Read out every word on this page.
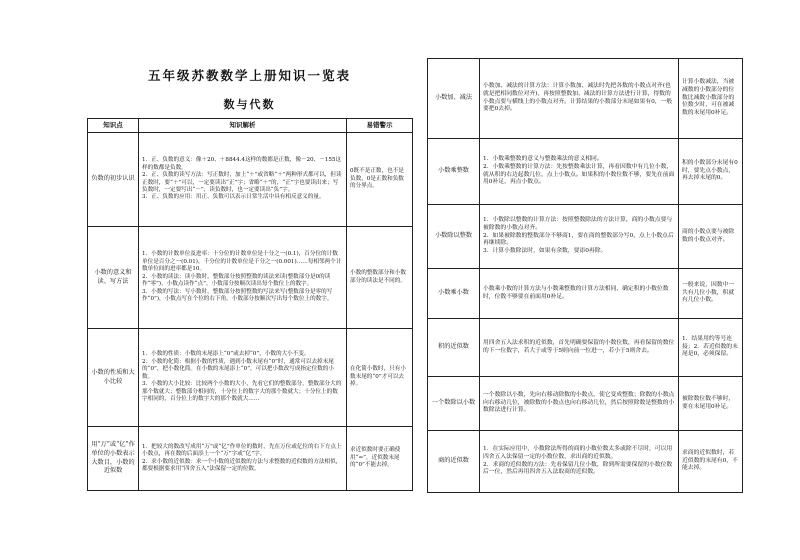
五年级苏教数学上册知识一览表
数与代数
知识点	知识解析	易错警示
负数的初步认识	1．正、负数的意义：像＋20、＋8844.4这样的数都是正数，像－20、－155这样的数都是负数。
2．正、负数的读写方法：写正数时，加上“＋”或省略“＋”两种形式都可以，但读正数时，要“＋”可以，一定要读出“正”字；省略“＋”的，“正”字也要读出来；写负数时，一定要写出“－”，读负数时，也一定要读出“负”字。
3．正、负数的应用：用正、负数可以表示日常生活中具有相反意义的量。	0既不是正数，也不是负数，0是正数和负数的分界点。
小数的意义和读、写方法	1．小数的计数单位及进率：十分位的计数单位是十分之一(0.1)，百分位的计数单位是百分之一(0.01)，千分位的计数单位是千分之一(0.001)……每相邻两个计数单位间的进率都是10。
2．小数的读法：读小数时，整数部分按照整数的读法来读(整数部分是0的读作“零”)，小数点读作“点”，小数部分按顺次读出每个数位上的数字。
3．小数的写法：写小数时，整数部分按照整数的写法来写(整数部分是零的写作“0”)，小数点写在个位的右下角，小数部分按顺次写出每个数位上的数字。	小数的整数部分和小数部分的读法是不同的。
小数的性质和大小比较	1．小数的性质：小数的末尾添上“0”或去掉“0”，小数的大小不变。
2．小数的化简：根据小数的性质，遇到小数末尾有“0”时，通常可以去掉末尾的“0”，把小数化简。在小数的末尾添上“0”，可以把小数改写成指定位数的小数。
3．小数的大小比较：比较两个小数的大小，先看它们的整数部分，整数部分大的那个数就大；整数部分相同的，十分位上的数字大的那个数就大；十分位上的数字相同的，百分位上的数字大的那个数就大……	在化简小数时，只有小数末尾的“0”才可以去掉。
用“万”或“亿”作单位的小数表示大数目，小数的近似数	1．把较大的数改写成用“万”或“亿”作单位的数时，先在万位或亿位的右下方点上小数点，再在数的后面添上一个“万”字或“亿”字。
2．求小数的近似数：求一个小数的近似数的方法与求整数的近似数的方法相似，都要根据要求用“四舍五入”法保留一定的位数。	求近似数时要正确使用“≈”，近似数末尾的“0”不能去掉。
小数加、减法	小数加、减法的计算方法：计算小数加、减法时先把各数的小数点对齐(也就是把相同数位对齐)，再按照整数加、减法的计算方法进行计算，得数的小数点要与横线上的小数点对齐。计算结果的小数部分末尾如果有0，一般要把0去掉。	计算小数减法，当被减数的小数部分的位数比减数小数部分的位数少时，可在被减数的末尾用0补足。
小数乘整数	1．小数乘整数的意义与整数乘法的意义相同。
2．小数乘整数的计算方法：先按整数乘法计算，再看因数中有几位小数，就从积的右边起数几位，点上小数点。如果积的小数位数不够，要先在前面用0补足，再点小数点。	积的小数部分末尾有0时，要先点小数点，再去掉末尾的0。
小数除以整数	1．小数除以整数的计算方法：按照整数除法的方法计算，商的小数点要与被除数的小数点对齐。
2．如果被除数的整数部分不够商1，要在商的整数部分写0，点上小数点后再继续除。
3．计算小数除法时，如果有余数，要添0再除。	商的小数点要与被除数的小数点对齐。
小数乘小数	小数乘小数的计算方法与小数乘整数的计算方法相同，确定积的小数位数时，位数不够要在前面用0补足。	一般来说，因数中一共有几位小数，积就有几位小数。
积的近似数	用四舍五入法求积的近似数，首先明确要保留的小数位数，再看保留的数位的下一位数字，若大于或等于5则向前一位进一，若小于5则舍去。	1．结果用约等号连接；2．若近似数的末尾是0，必须保留。
一个数除以小数	一个数除以小数，先向右移动除数的小数点，使它变成整数；除数的小数点向右移动几位，被除数的小数点也向右移动几位，然后按照除数是整数的小数除法进行计算。	被除数位数不够时，要在末尾用0补足。
商的近似数	1．在实际应用中，小数除法所得的商的小数位数太多或除不尽时，可以用四舍五入法保留一定的小数位数，求出商的近似数。
2．求商的近似数的方法：先看保留几位小数，除到所需要保留的小数位数后一位，然后再用四舍五入法取商的近似数。	求商的近似数时，若近似数的末尾有0，不能去掉。
